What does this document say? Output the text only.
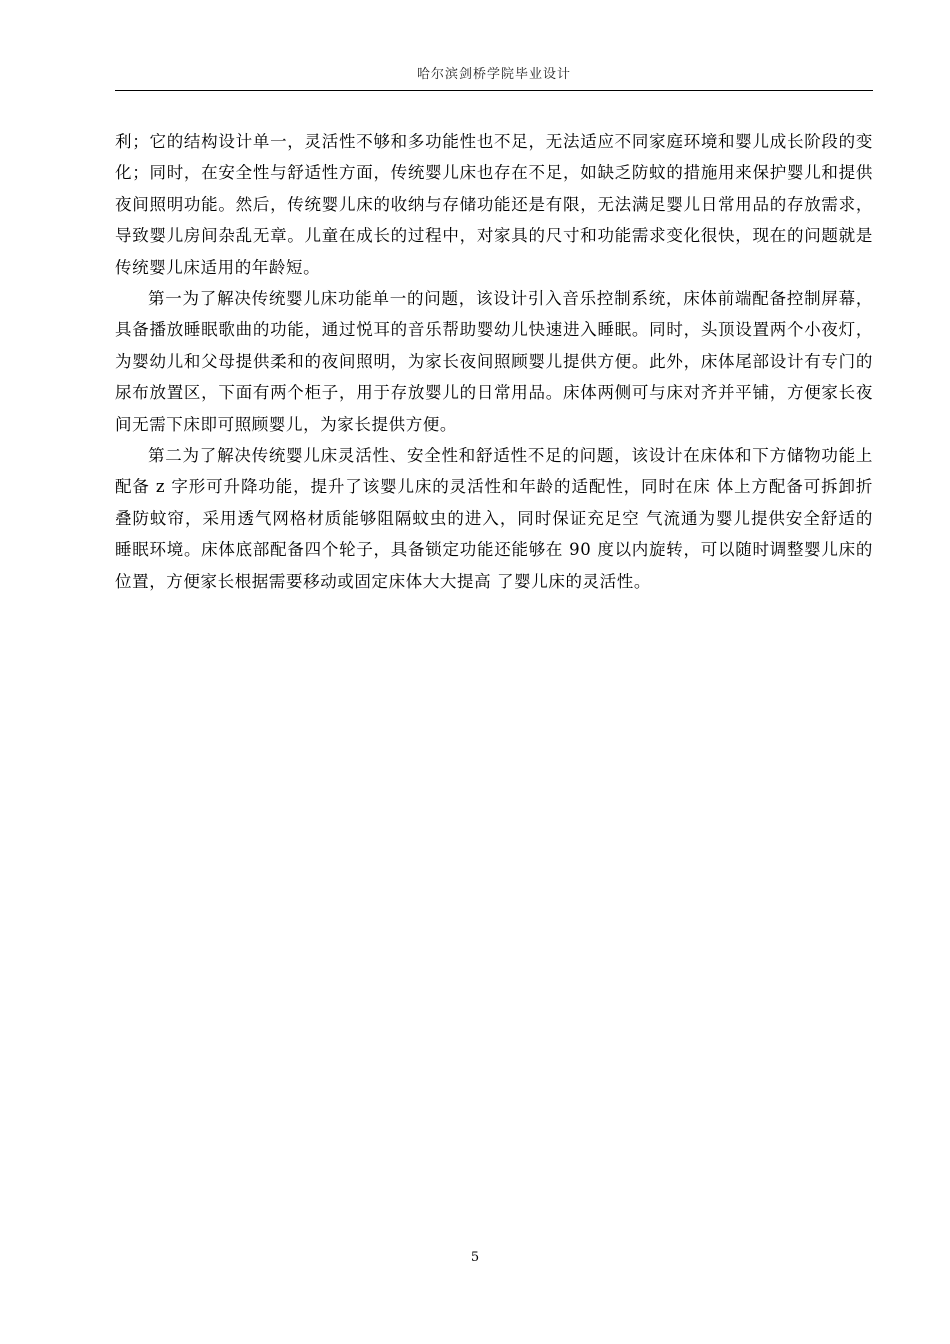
哈尔滨剑桥学院毕业设计

利；它的结构设计单一，灵活性不够和多功能性也不足，无法适应不同家庭环境和婴儿成长阶段的变化；同时，在安全性与舒适性方面，传统婴儿床也存在不足，如缺乏防蚊的措施用来保护婴儿和提供夜间照明功能。然后，传统婴儿床的收纳与存储功能还是有限，无法满足婴儿日常用品的存放需求，导致婴儿房间杂乱无章。儿童在成长的过程中，对家具的尺寸和功能需求变化很快，现在的问题就是传统婴儿床适用的年龄短。

第一为了解决传统婴儿床功能单一的问题，该设计引入音乐控制系统，床体前端配备控制屏幕，具备播放睡眠歌曲的功能，通过悦耳的音乐帮助婴幼儿快速进入睡眠。同时，头顶设置两个小夜灯，为婴幼儿和父母提供柔和的夜间照明，为家长夜间照顾婴儿提供方便。此外，床体尾部设计有专门的尿布放置区，下面有两个柜子，用于存放婴儿的日常用品。床体两侧可与床对齐并平铺，方便家长夜间无需下床即可照顾婴儿，为家长提供方便。

第二为了解决传统婴儿床灵活性、安全性和舒适性不足的问题，该设计在床体和下方储物功能上配备 z 字形可升降功能，提升了该婴儿床的灵活性和年龄的适配性，同时在床 体上方配备可拆卸折叠防蚊帘，采用透气网格材质能够阻隔蚊虫的进入，同时保证充足空 气流通为婴儿提供安全舒适的睡眠环境。床体底部配备四个轮子，具备锁定功能还能够在 90 度以内旋转，可以随时调整婴儿床的位置，方便家长根据需要移动或固定床体大大提高 了婴儿床的灵活性。

5
